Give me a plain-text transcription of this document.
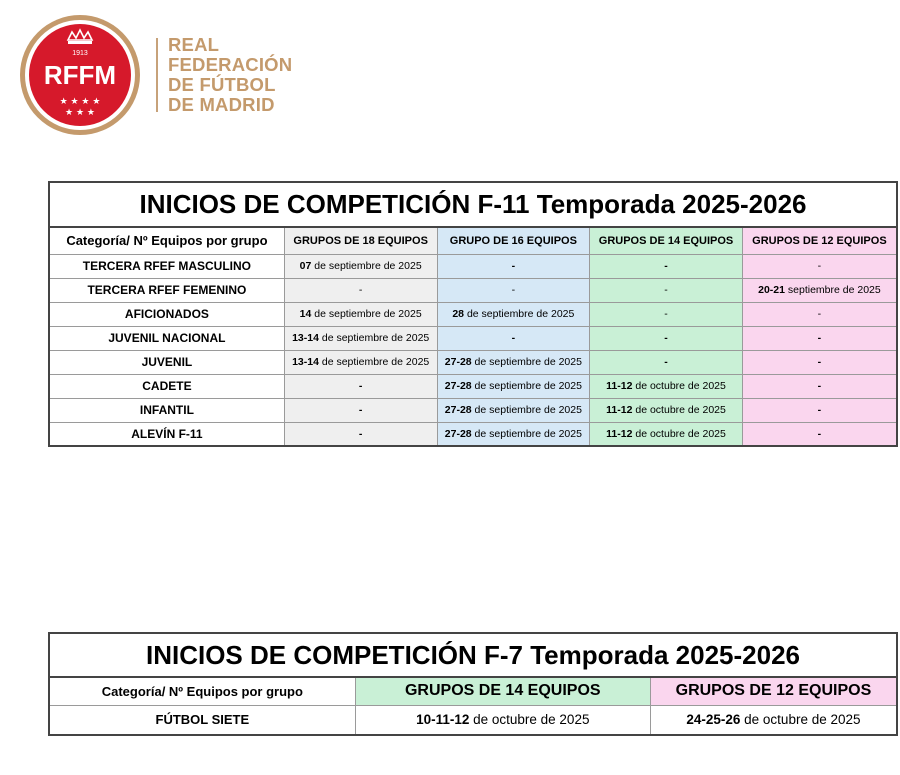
1913
RFFM
★ ★ ★ ★
★ ★ ★
REAL
FEDERACIÓN
DE FÚTBOL
DE MADRID
INICIOS DE COMPETICIÓN F-11 Temporada 2025-2026				
Categoría/ Nº Equipos por grupo	GRUPOS DE 18 EQUIPOS	GRUPO DE 16 EQUIPOS	GRUPOS DE 14 EQUIPOS	GRUPOS DE 12 EQUIPOS
TERCERA RFEF MASCULINO	07 de septiembre de 2025	-	-	-
TERCERA RFEF FEMENINO	-	-	-	20-21 septiembre de 2025
AFICIONADOS	14 de septiembre de 2025	28 de septiembre de 2025	-	-
JUVENIL NACIONAL	13-14 de septiembre de 2025	-	-	-
JUVENIL	13-14 de septiembre de 2025	27-28 de septiembre de 2025	-	-
CADETE	-	27-28 de septiembre de 2025	11-12 de octubre de 2025	-
INFANTIL	-	27-28 de septiembre de 2025	11-12 de octubre de 2025	-
ALEVÍN F-11	-	27-28 de septiembre de 2025	11-12 de octubre de 2025	-
INICIOS DE COMPETICIÓN F-7 Temporada 2025-2026		
Categoría/ Nº Equipos por grupo	GRUPOS DE 14 EQUIPOS	GRUPOS DE 12 EQUIPOS
FÚTBOL SIETE	10-11-12 de octubre de 2025	24-25-26 de octubre de 2025
